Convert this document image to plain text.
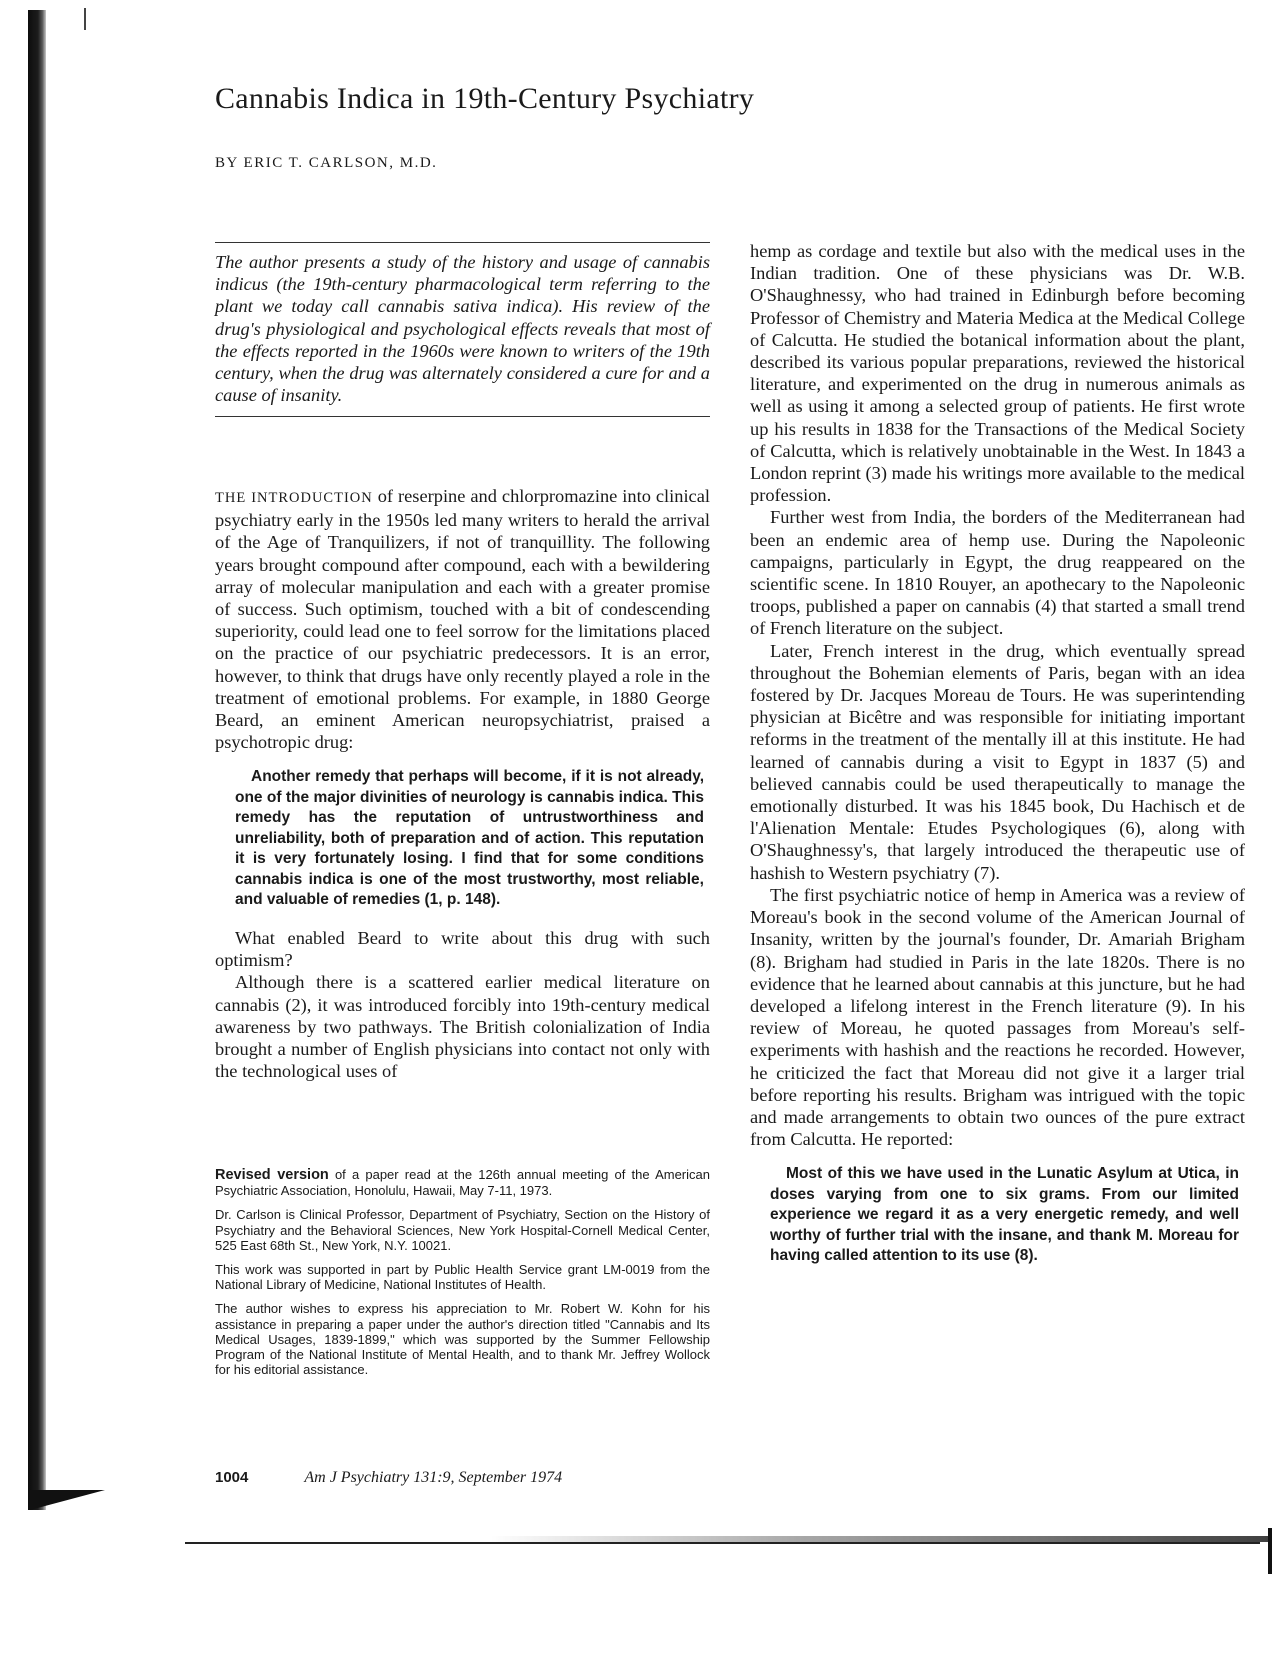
Cannabis Indica in 19th-Century Psychiatry
BY ERIC T. CARLSON, M.D.

The author presents a study of the history and usage of cannabis indicus (the 19th-century pharmacological term referring to the plant we today call cannabis sativa indica). His review of the drug's physiological and psychological effects reveals that most of the effects reported in the 1960s were known to writers of the 19th century, when the drug was alternately considered a cure for and a cause of insanity.

THE INTRODUCTION of reserpine and chlorpromazine into clinical psychiatry early in the 1950s led many writers to herald the arrival of the Age of Tranquilizers, if not of tranquillity. The following years brought compound after compound, each with a bewildering array of molecular manipulation and each with a greater promise of success. Such optimism, touched with a bit of condescending superiority, could lead one to feel sorrow for the limitations placed on the practice of our psychiatric predecessors. It is an error, however, to think that drugs have only recently played a role in the treatment of emotional problems. For example, in 1880 George Beard, an eminent American neuropsychiatrist, praised a psychotropic drug:

Another remedy that perhaps will become, if it is not already, one of the major divinities of neurology is cannabis indica. This remedy has the reputation of untrustworthiness and unreliability, both of preparation and of action. This reputation it is very fortunately losing. I find that for some conditions cannabis indica is one of the most trustworthy, most reliable, and valuable of remedies (1, p. 148).

What enabled Beard to write about this drug with such optimism?

Although there is a scattered earlier medical literature on cannabis (2), it was introduced forcibly into 19th-century medical awareness by two pathways. The British colonialization of India brought a number of English physicians into contact not only with the technological uses of

Revised version of a paper read at the 126th annual meeting of the American Psychiatric Association, Honolulu, Hawaii, May 7-11, 1973.

Dr. Carlson is Clinical Professor, Department of Psychiatry, Section on the History of Psychiatry and the Behavioral Sciences, New York Hospital-Cornell Medical Center, 525 East 68th St., New York, N.Y. 10021.

This work was supported in part by Public Health Service grant LM-0019 from the National Library of Medicine, National Institutes of Health.

The author wishes to express his appreciation to Mr. Robert W. Kohn for his assistance in preparing a paper under the author's direction titled "Cannabis and Its Medical Usages, 1839-1899," which was supported by the Summer Fellowship Program of the National Institute of Mental Health, and to thank Mr. Jeffrey Wollock for his editorial assistance.

hemp as cordage and textile but also with the medical uses in the Indian tradition. One of these physicians was Dr. W.B. O'Shaughnessy, who had trained in Edinburgh before becoming Professor of Chemistry and Materia Medica at the Medical College of Calcutta. He studied the botanical information about the plant, described its various popular preparations, reviewed the historical literature, and experimented on the drug in numerous animals as well as using it among a selected group of patients. He first wrote up his results in 1838 for the Transactions of the Medical Society of Calcutta, which is relatively unobtainable in the West. In 1843 a London reprint (3) made his writings more available to the medical profession.

Further west from India, the borders of the Mediterranean had been an endemic area of hemp use. During the Napoleonic campaigns, particularly in Egypt, the drug reappeared on the scientific scene. In 1810 Rouyer, an apothecary to the Napoleonic troops, published a paper on cannabis (4) that started a small trend of French literature on the subject.

Later, French interest in the drug, which eventually spread throughout the Bohemian elements of Paris, began with an idea fostered by Dr. Jacques Moreau de Tours. He was superintending physician at Bicêtre and was responsible for initiating important reforms in the treatment of the mentally ill at this institute. He had learned of cannabis during a visit to Egypt in 1837 (5) and believed cannabis could be used therapeutically to manage the emotionally disturbed. It was his 1845 book, Du Hachisch et de l'Alienation Mentale: Etudes Psychologiques (6), along with O'Shaughnessy's, that largely introduced the therapeutic use of hashish to Western psychiatry (7).

The first psychiatric notice of hemp in America was a review of Moreau's book in the second volume of the American Journal of Insanity, written by the journal's founder, Dr. Amariah Brigham (8). Brigham had studied in Paris in the late 1820s. There is no evidence that he learned about cannabis at this juncture, but he had developed a lifelong interest in the French literature (9). In his review of Moreau, he quoted passages from Moreau's self-experiments with hashish and the reactions he recorded. However, he criticized the fact that Moreau did not give it a larger trial before reporting his results. Brigham was intrigued with the topic and made arrangements to obtain two ounces of the pure extract from Calcutta. He reported:

Most of this we have used in the Lunatic Asylum at Utica, in doses varying from one to six grams. From our limited experience we regard it as a very energetic remedy, and well worthy of further trial with the insane, and thank M. Moreau for having called attention to its use (8).

1004	Am J Psychiatry 131:9, September 1974
